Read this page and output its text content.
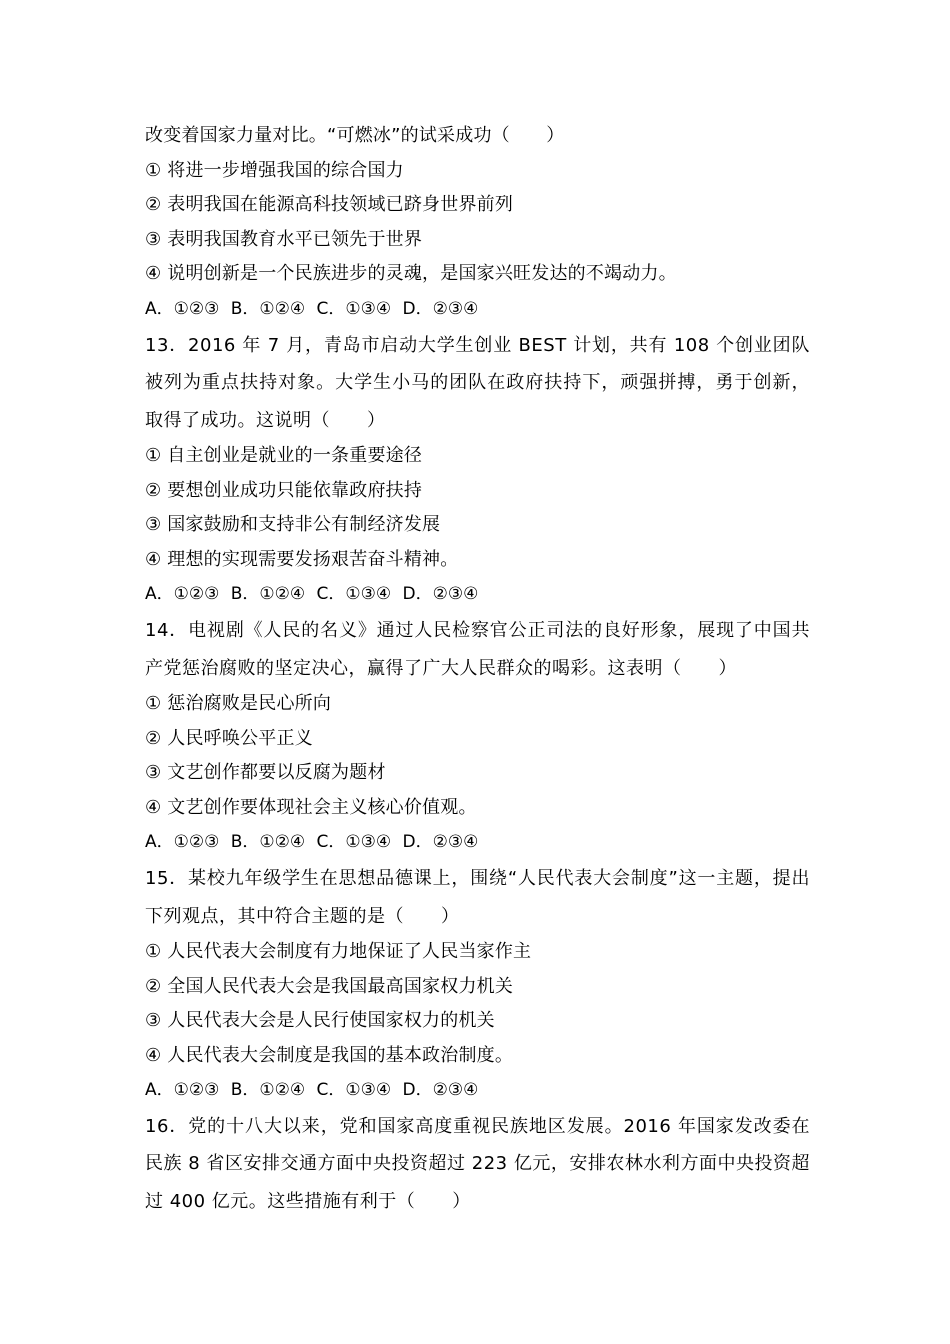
改变着国家力量对比。“可燃冰”的试采成功（　　）
① 将进一步增强我国的综合国力
② 表明我国在能源高科技领域已跻身世界前列
③ 表明我国教育水平已领先于世界
④ 说明创新是一个民族进步的灵魂，是国家兴旺发达的不竭动力。
A．①②③ B．①②④ C．①③④ D．②③④
13．2016 年 7 月，青岛市启动大学生创业 BEST 计划，共有 108 个创业团队被列为重点扶持对象。大学生小马的团队在政府扶持下，顽强拼搏，勇于创新，取得了成功。这说明（　　）
① 自主创业是就业的一条重要途径
② 要想创业成功只能依靠政府扶持
③ 国家鼓励和支持非公有制经济发展
④ 理想的实现需要发扬艰苦奋斗精神。
A．①②③ B．①②④ C．①③④ D．②③④
14．电视剧《人民的名义》通过人民检察官公正司法的良好形象，展现了中国共产党惩治腐败的坚定决心，赢得了广大人民群众的喝彩。这表明（　　）
① 惩治腐败是民心所向
② 人民呼唤公平正义
③ 文艺创作都要以反腐为题材
④ 文艺创作要体现社会主义核心价值观。
A．①②③ B．①②④ C．①③④ D．②③④
15．某校九年级学生在思想品德课上，围绕“人民代表大会制度”这一主题，提出下列观点，其中符合主题的是（　　）
① 人民代表大会制度有力地保证了人民当家作主
② 全国人民代表大会是我国最高国家权力机关
③ 人民代表大会是人民行使国家权力的机关
④ 人民代表大会制度是我国的基本政治制度。
A．①②③ B．①②④ C．①③④ D．②③④
16．党的十八大以来，党和国家高度重视民族地区发展。2016 年国家发改委在民族 8 省区安排交通方面中央投资超过 223 亿元，安排农林水利方面中央投资超过 400 亿元。这些措施有利于（　　）
